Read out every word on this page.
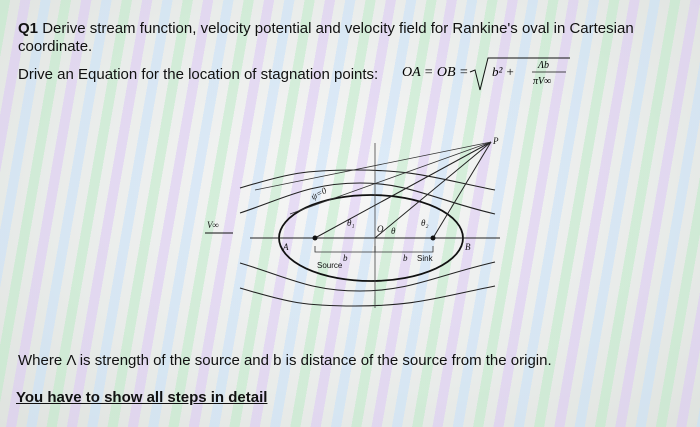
Q1 Derive stream function, velocity potential and velocity field for Rankine's oval in Cartesian
coordinate.
Drive an Equation for the location of stagnation points: OA = OB = b² + Λb
πV∞
V∞
P
A	B
O
b	b
Source
Sink
θ₁
θ
θ₂
ψ=0
Where Λ is strength of the source and b is distance of the source from the origin.
You have to show all steps in detail
